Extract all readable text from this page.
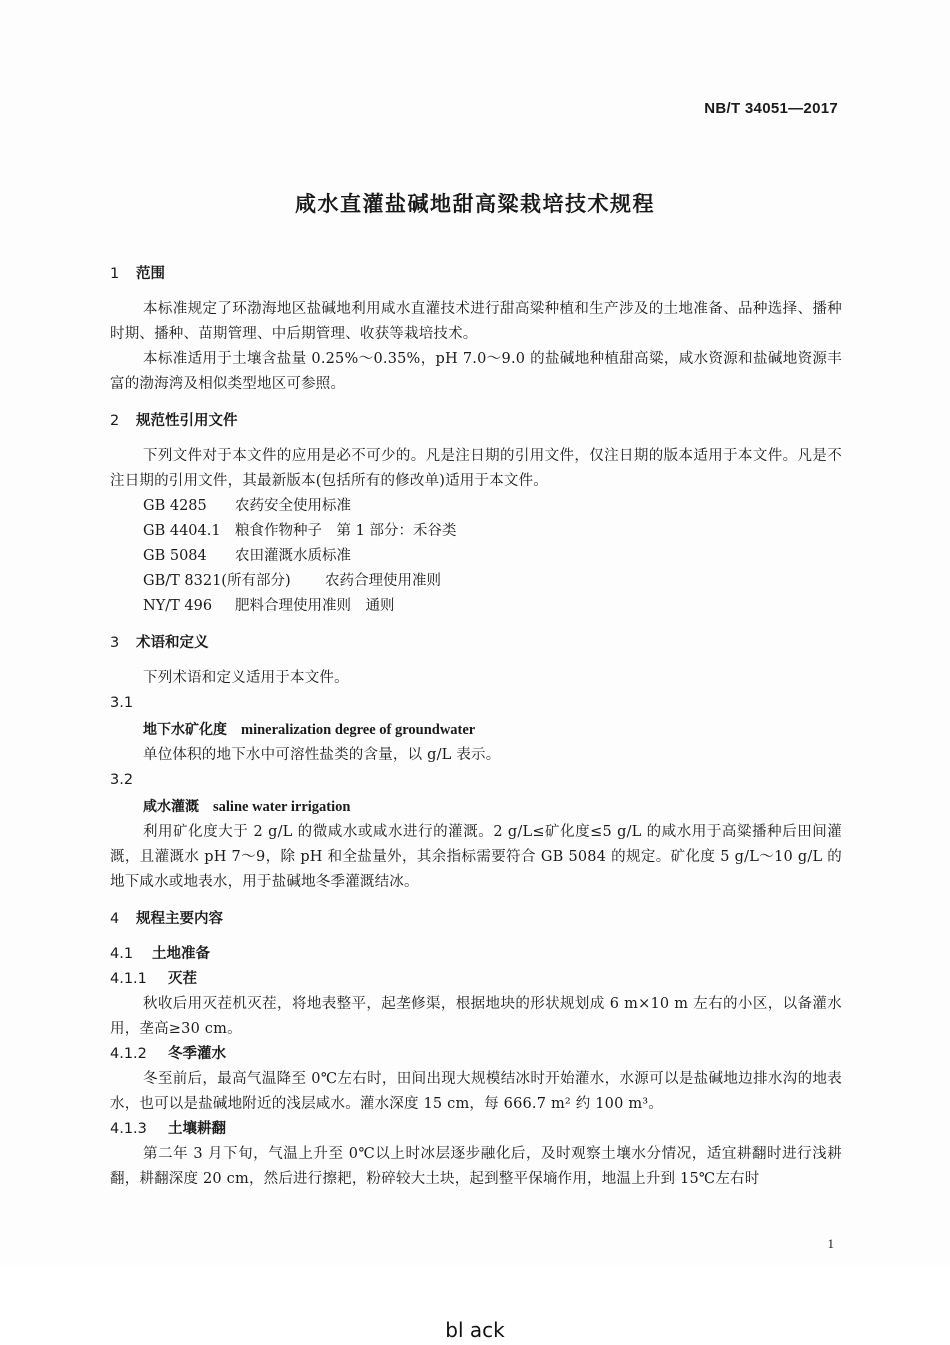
NB/T 34051—2017
咸水直灌盐碱地甜高粱栽培技术规程
1 范围

本标准规定了环渤海地区盐碱地利用咸水直灌技术进行甜高粱种植和生产涉及的土地准备、品种选择、播种时期、播种、苗期管理、中后期管理、收获等栽培技术。

本标准适用于土壤含盐量 0.25%～0.35%，pH 7.0～9.0 的盐碱地种植甜高粱，咸水资源和盐碱地资源丰富的渤海湾及相似类型地区可参照。

2 规范性引用文件

下列文件对于本文件的应用是必不可少的。凡是注日期的引用文件，仅注日期的版本适用于本文件。凡是不注日期的引用文件，其最新版本(包括所有的修改单)适用于本文件。

GB 4285 农药安全使用标准

GB 4404.1 粮食作物种子　第 1 部分：禾谷类

GB 5084 农田灌溉水质标准

GB/T 8321(所有部分) 农药合理使用准则

NY/T 496 肥料合理使用准则　通则

3 术语和定义

下列术语和定义适用于本文件。

3.1
地下水矿化度 mineralization degree of groundwater

单位体积的地下水中可溶性盐类的含量，以 g/L 表示。

3.2
咸水灌溉 saline water irrigation

利用矿化度大于 2 g/L 的微咸水或咸水进行的灌溉。2 g/L≤矿化度≤5 g/L 的咸水用于高粱播种后田间灌溉，且灌溉水 pH 7～9，除 pH 和全盐量外，其余指标需要符合 GB 5084 的规定。矿化度 5 g/L～10 g/L 的地下咸水或地表水，用于盐碱地冬季灌溉结冰。

4 规程主要内容
4.1 土地准备
4.1.1 灭茬

秋收后用灭茬机灭茬，将地表整平，起垄修渠，根据地块的形状规划成 6 m×10 m 左右的小区，以备灌水用，垄高≥30 cm。

4.1.2 冬季灌水

冬至前后，最高气温降至 0℃左右时，田间出现大规模结冰时开始灌水，水源可以是盐碱地边排水沟的地表水，也可以是盐碱地附近的浅层咸水。灌水深度 15 cm，每 666.7 m² 约 100 m³。

4.1.3 土壤耕翻

第二年 3 月下旬，气温上升至 0℃以上时冰层逐步融化后，及时观察土壤水分情况，适宜耕翻时进行浅耕翻，耕翻深度 20 cm，然后进行擦耙，粉碎较大土块，起到整平保墒作用，地温上升到 15℃左右时

1
bl ack
